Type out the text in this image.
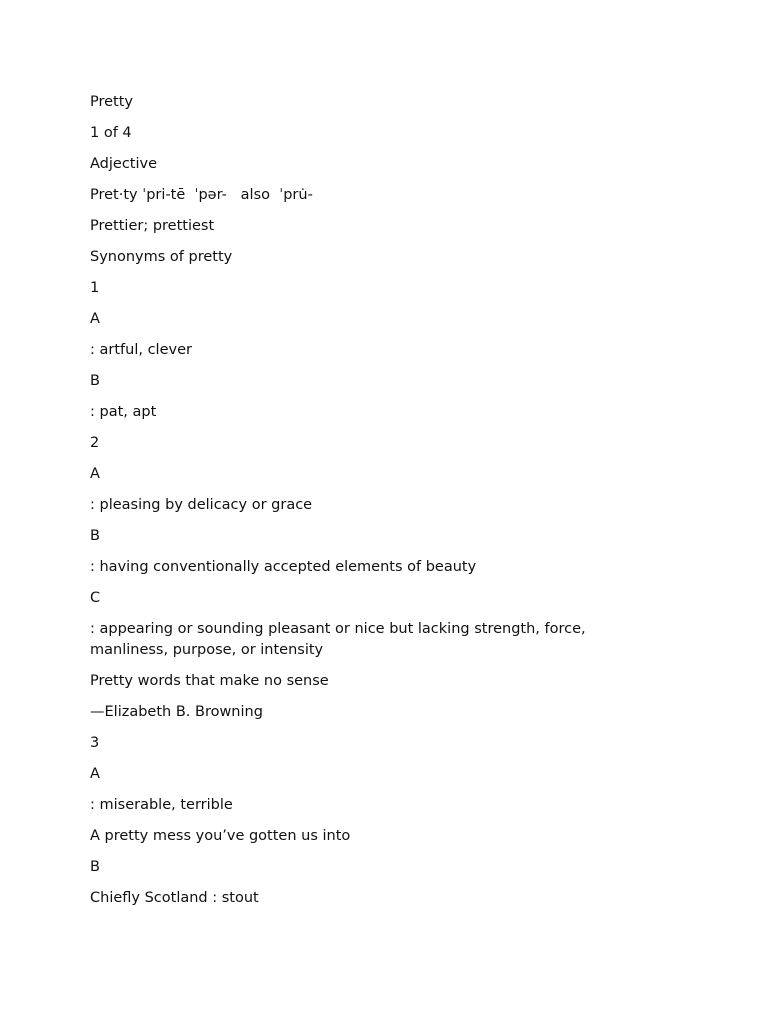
Pretty

1 of 4

Adjective

Pret·ty ˈpri-tē  ˈpər-   also  ˈpru̇-

Prettier; prettiest

Synonyms of pretty

1

A

: artful, clever

B

: pat, apt

2

A

: pleasing by delicacy or grace

B

: having conventionally accepted elements of beauty

C

: appearing or sounding pleasant or nice but lacking strength, force, manliness, purpose, or intensity

Pretty words that make no sense

—Elizabeth B. Browning

3

A

: miserable, terrible

A pretty mess you’ve gotten us into

B

Chiefly Scotland : stout
